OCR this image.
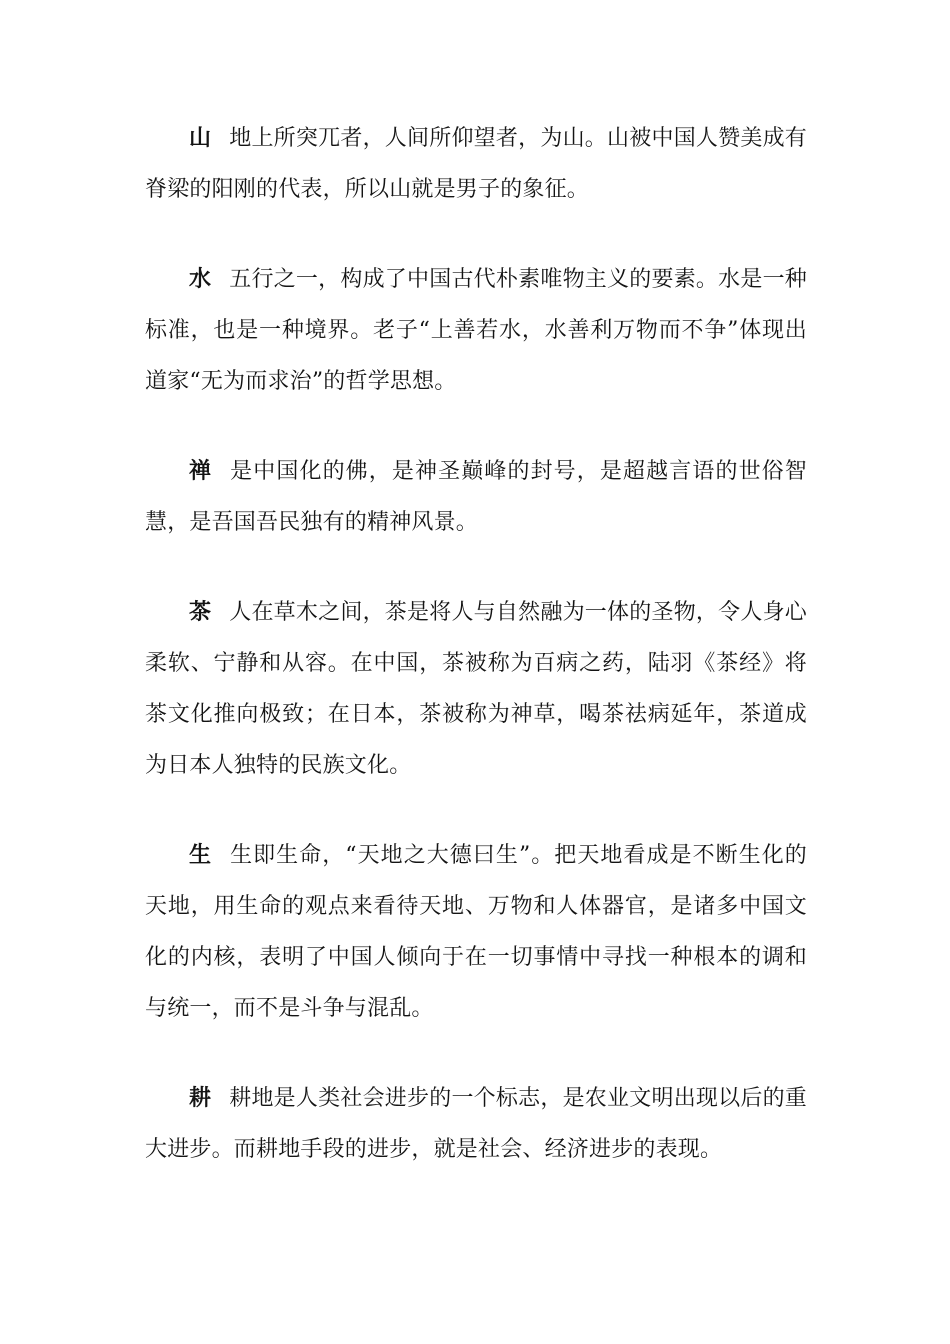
山 地上所突兀者，人间所仰望者，为山。山被中国人赞美成有脊梁的阳刚的代表，所以山就是男子的象征。

水 五行之一，构成了中国古代朴素唯物主义的要素。水是一种标准，也是一种境界。老子“上善若水，水善利万物而不争”体现出道家“无为而求治”的哲学思想。

禅 是中国化的佛，是神圣巅峰的封号，是超越言语的世俗智慧，是吾国吾民独有的精神风景。

茶 人在草木之间，茶是将人与自然融为一体的圣物，令人身心柔软、宁静和从容。在中国，茶被称为百病之药，陆羽《茶经》将茶文化推向极致；在日本，茶被称为神草，喝茶祛病延年，茶道成为日本人独特的民族文化。

生 生即生命，“天地之大德曰生”。把天地看成是不断生化的天地，用生命的观点来看待天地、万物和人体器官，是诸多中国文化的内核，表明了中国人倾向于在一切事情中寻找一种根本的调和与统一，而不是斗争与混乱。

耕 耕地是人类社会进步的一个标志，是农业文明出现以后的重大进步。而耕地手段的进步，就是社会、经济进步的表现。
